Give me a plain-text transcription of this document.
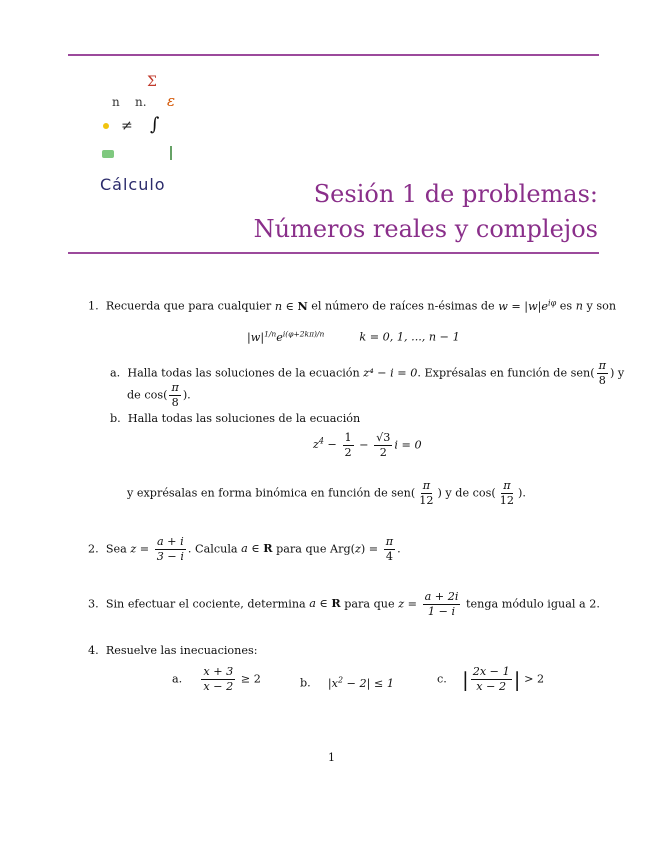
Σ
n n. ε
≠ ∫
Cálculo	Sesión 1 de problemas:
Números reales y complejos
1. Recuerda que para cualquier n ∈ N el número de raíces n-ésimas de $w = |w|e^{i\varphi}$ es n y son
$|w|^{1/n}e^{i(\varphi+2k\pi)/n}$	k = 0, 1, ..., n − 1
a. Halla todas las soluciones de la ecuación z⁴ − i = 0. Exprésalas en función de $sen( \frac{\pi}{8}$ ) y
de $\cos( \frac{\pi}{8}$ ).
b. Halla todas las soluciones de la ecuación
$z^4 - \frac{1}{2} - \frac{√3}{2}$ i = 0
y exprésalas en forma binómica en función de $sen( \frac{\pi}{12}$ ) y de $\cos( \frac{\pi}{12}$ ).
2. Sea $z = \frac{a + i}{3 - i}$ . Calcula a ∈ R para que $Arg(z) = \frac{\pi}{4}$ .
3. Sin efectuar el cociente, determina a ∈ R para que $z = \frac{a + 2i}{1 - i}$ tenga módulo igual a 2.
4. Resuelve las inecuaciones:
a. $\frac{x + 3}{x - 2} \ge 2$	b. $|x^2 - 2| \le 1$	c. | $\frac{2x - 1}{x - 2}$ | > 2
1
